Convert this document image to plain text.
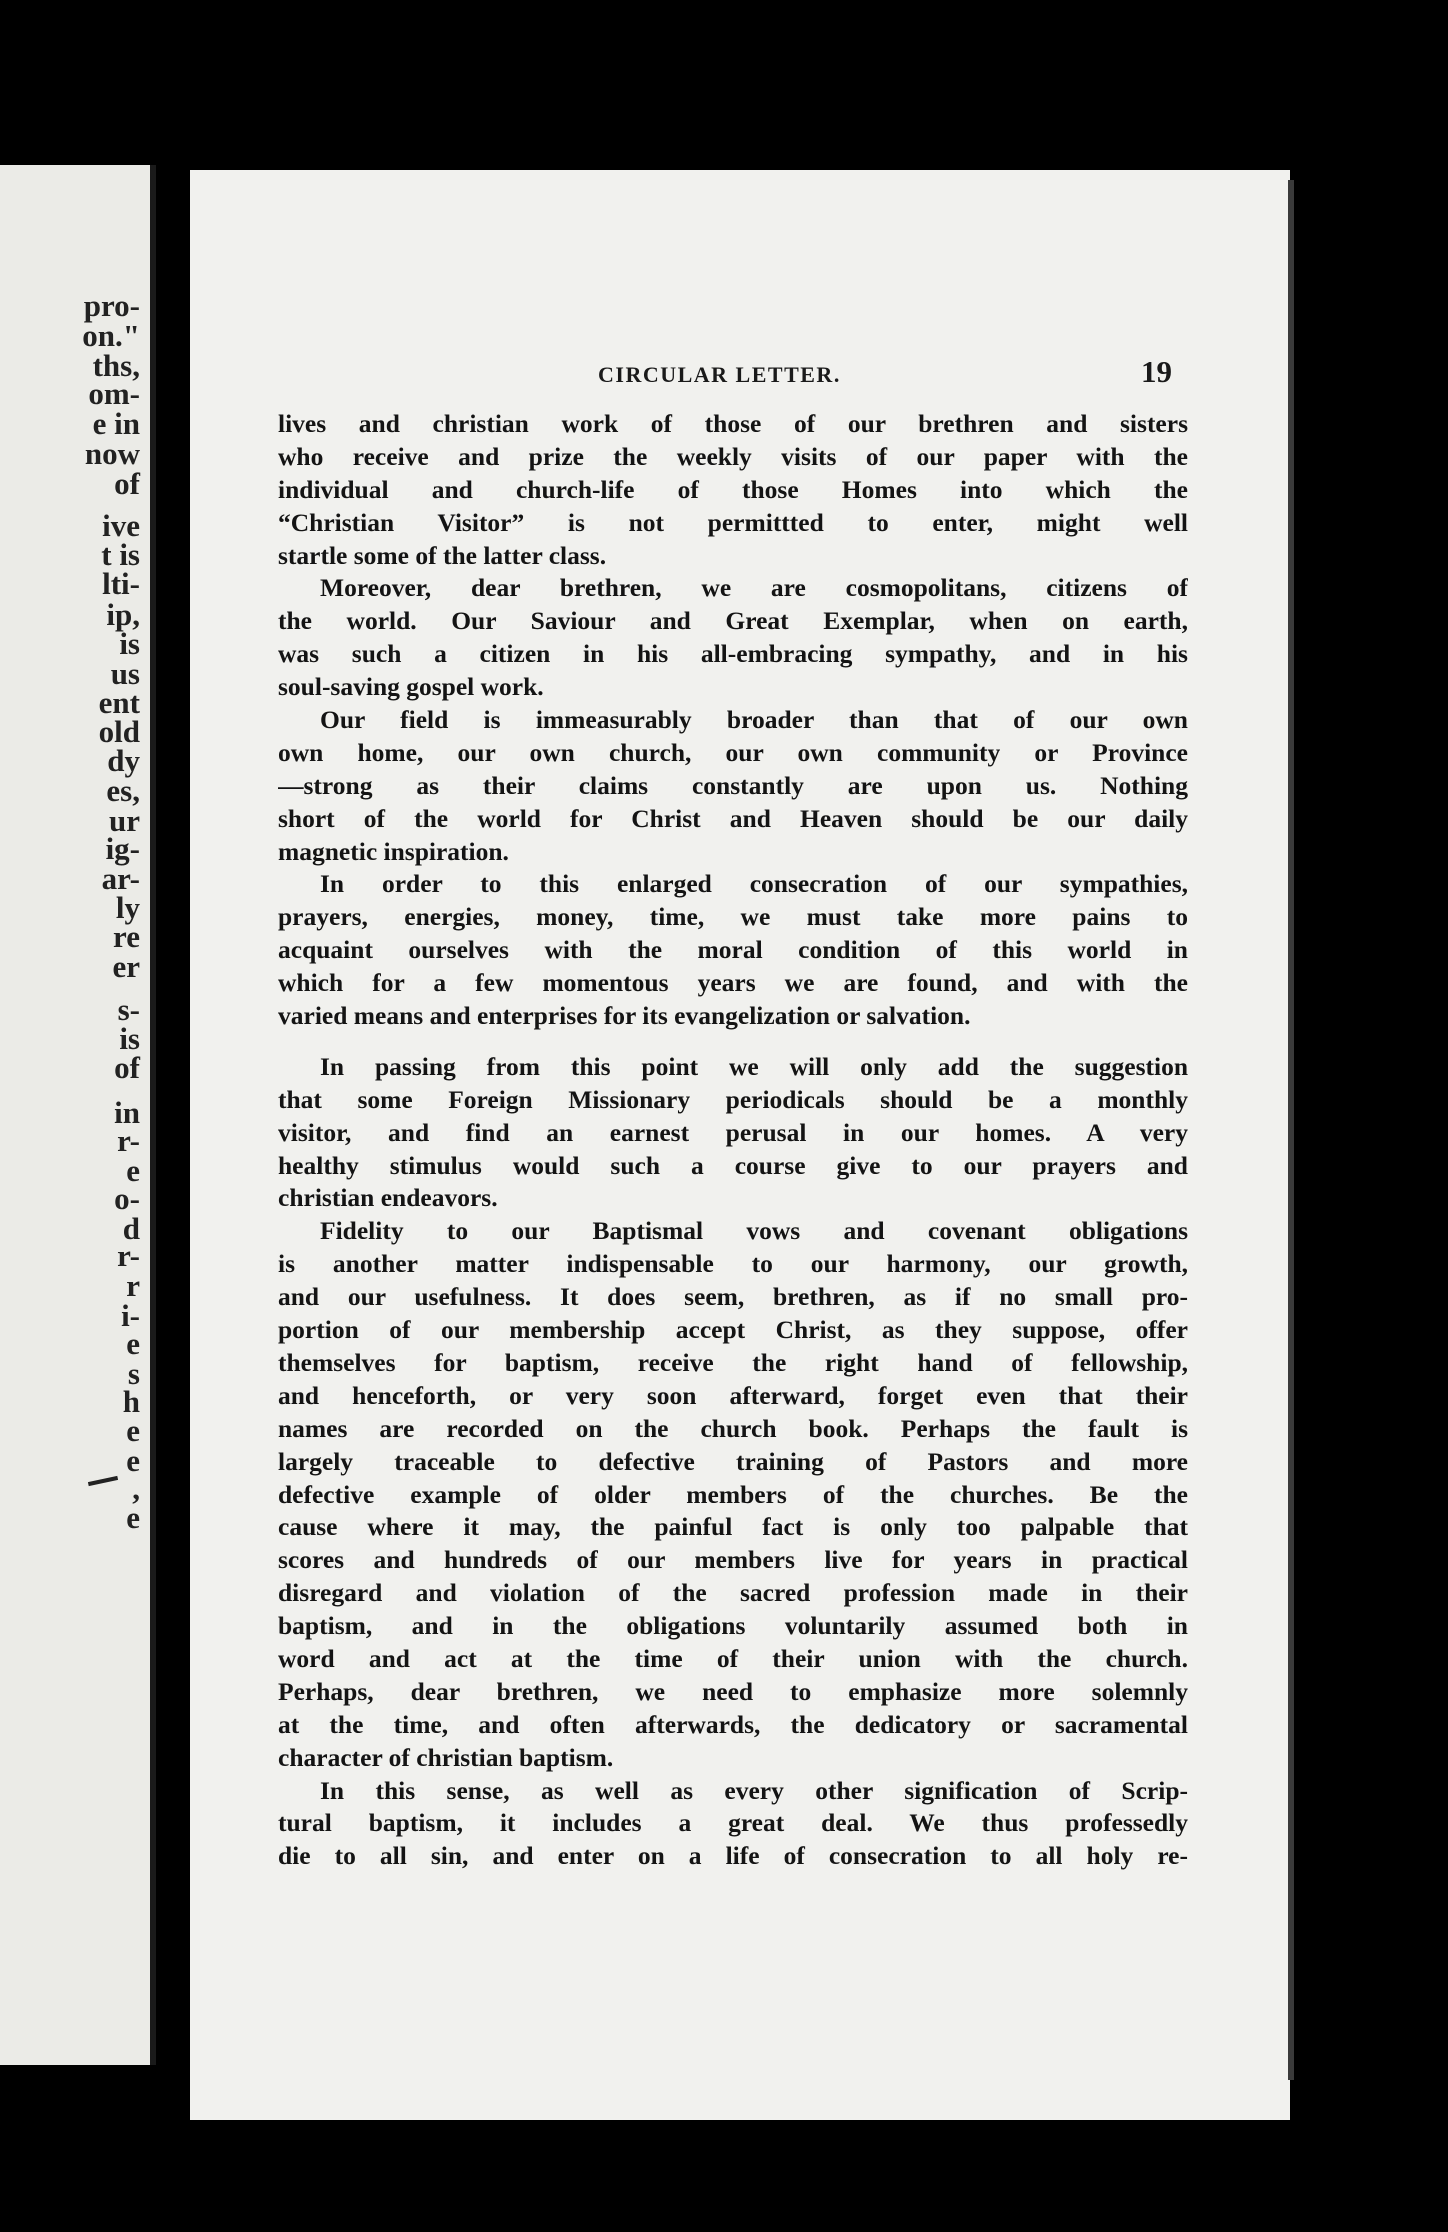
pro-
on."
ths,
om-
e in
now
of
ive
t is
lti-
ip,
is
us
ent
old
dy
es,
ur
ig-
ar-
ly
re
er
s-
is
of
in
r-
e
o-
d
r-
r
i-
e
s
h
e
e
,
e
CIRCULAR LETTER.	19
lives and christian work of those of our brethren and sisters
who receive and prize the weekly visits of our paper with the
individual and church-life of those Homes into which the
“Christian Visitor” is not permittted to enter, might well
startle some of the latter class.
Moreover, dear brethren, we are cosmopolitans, citizens of
the world. Our Saviour and Great Exemplar, when on earth,
was such a citizen in his all-embracing sympathy, and in his
soul-saving gospel work.
Our field is immeasurably broader than that of our own
own home, our own church, our own community or Province
—strong as their claims constantly are upon us. Nothing
short of the world for Christ and Heaven should be our daily
magnetic inspiration.
In order to this enlarged consecration of our sympathies,
prayers, energies, money, time, we must take more pains to
acquaint ourselves with the moral condition of this world in
which for a few momentous years we are found, and with the
varied means and enterprises for its evangelization or salvation.
In passing from this point we will only add the suggestion
that some Foreign Missionary periodicals should be a monthly
visitor, and find an earnest perusal in our homes. A very
healthy stimulus would such a course give to our prayers and
christian endeavors.
Fidelity to our Baptismal vows and covenant obligations
is another matter indispensable to our harmony, our growth,
and our usefulness. It does seem, brethren, as if no small pro-
portion of our membership accept Christ, as they suppose, offer
themselves for baptism, receive the right hand of fellowship,
and henceforth, or very soon afterward, forget even that their
names are recorded on the church book. Perhaps the fault is
largely traceable to defective training of Pastors and more
defective example of older members of the churches. Be the
cause where it may, the painful fact is only too palpable that
scores and hundreds of our members live for years in practical
disregard and violation of the sacred profession made in their
baptism, and in the obligations voluntarily assumed both in
word and act at the time of their union with the church.
Perhaps, dear brethren, we need to emphasize more solemnly
at the time, and often afterwards, the dedicatory or sacramental
character of christian baptism.
In this sense, as well as every other signification of Scrip-
tural baptism, it includes a great deal. We thus professedly
die to all sin, and enter on a life of consecration to all holy re-
